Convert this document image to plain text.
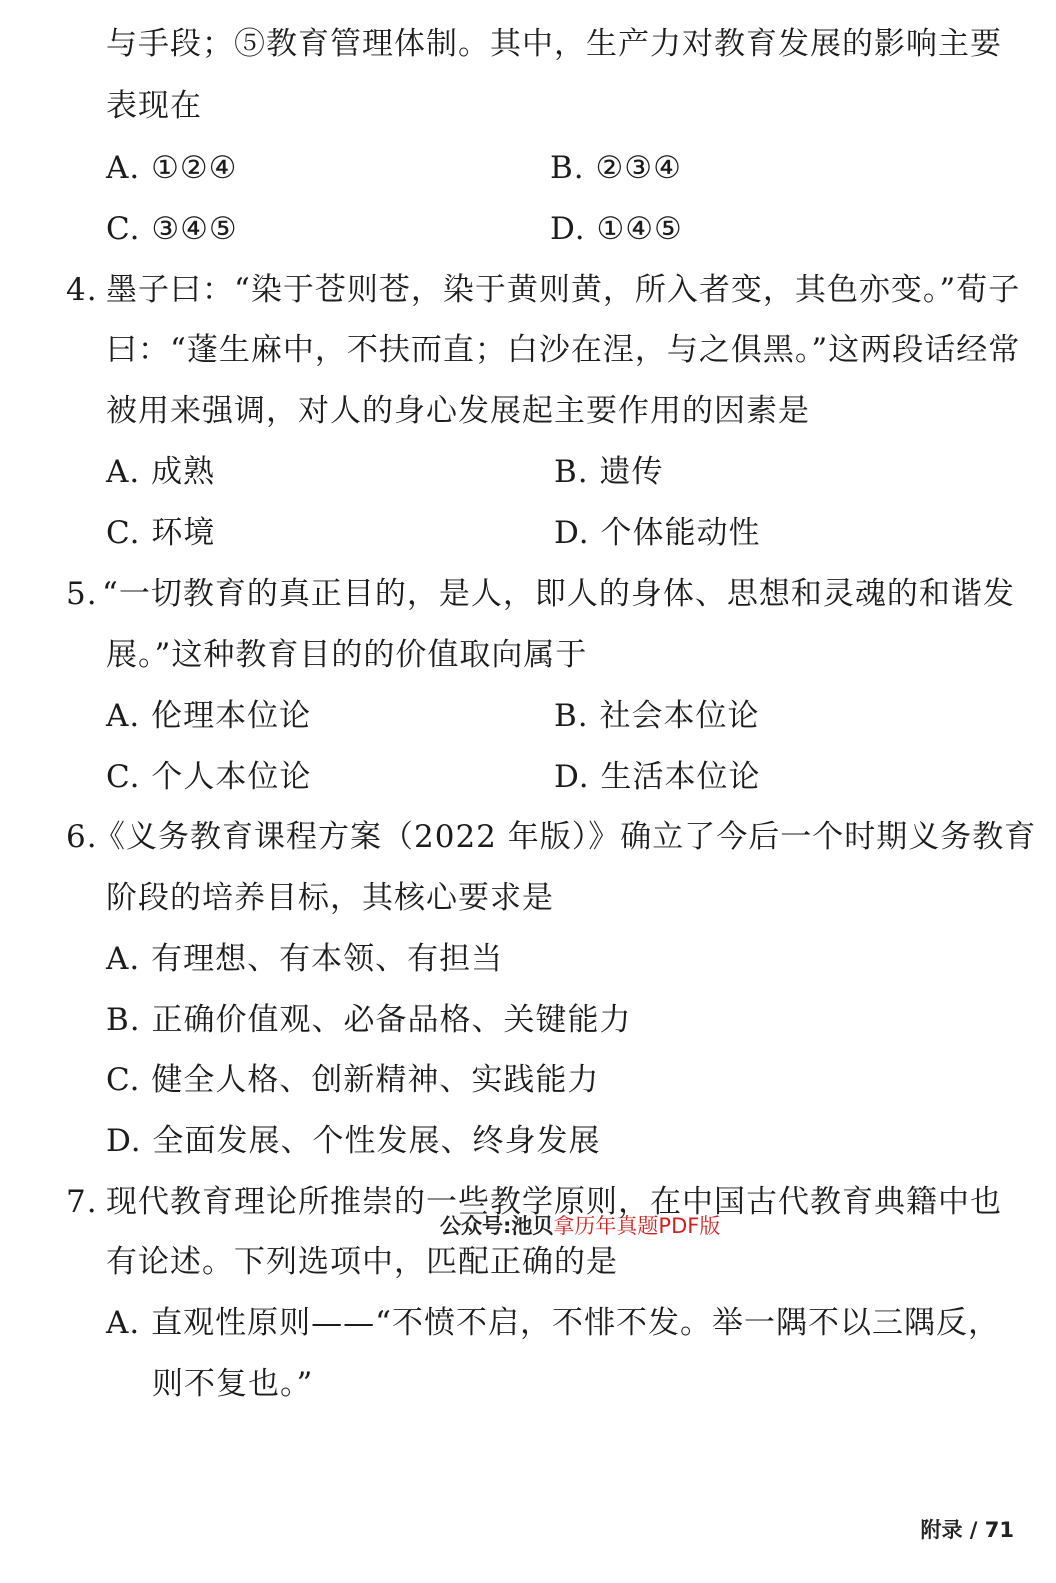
与手段；⑤教育管理体制。其中，生产力对教育发展的影响主要
表现在
A. ①②④	B. ②③④
C. ③④⑤	D. ①④⑤
4. 墨子曰：“染于苍则苍，染于黄则黄，所入者变，其色亦变。”荀子
曰：“蓬生麻中，不扶而直；白沙在涅，与之俱黑。”这两段话经常
被用来强调，对人的身心发展起主要作用的因素是
A. 成熟	B. 遗传
C. 环境	D. 个体能动性
5. “一切教育的真正目的，是人，即人的身体、思想和灵魂的和谐发
展。”这种教育目的的价值取向属于
A. 伦理本位论	B. 社会本位论
C. 个人本位论	D. 生活本位论
6.
《义务教育课程方案（2022 年版）》确立了今后一个时期义务教育
阶段的培养目标，其核心要求是
A. 有理想、有本领、有担当
B. 正确价值观、必备品格、关键能力
C. 健全人格、创新精神、实践能力
D. 全面发展、个性发展、终身发展
7. 现代教育理论所推崇的一些教学原则，在中国古代教育典籍中也
有论述。下列选项中，匹配正确的是
A. 直观性原则——“不愤不启，不悱不发。举一隅不以三隅反，
则不复也。”
公众号:池贝拿历年真题PDF版
附录 / 71
